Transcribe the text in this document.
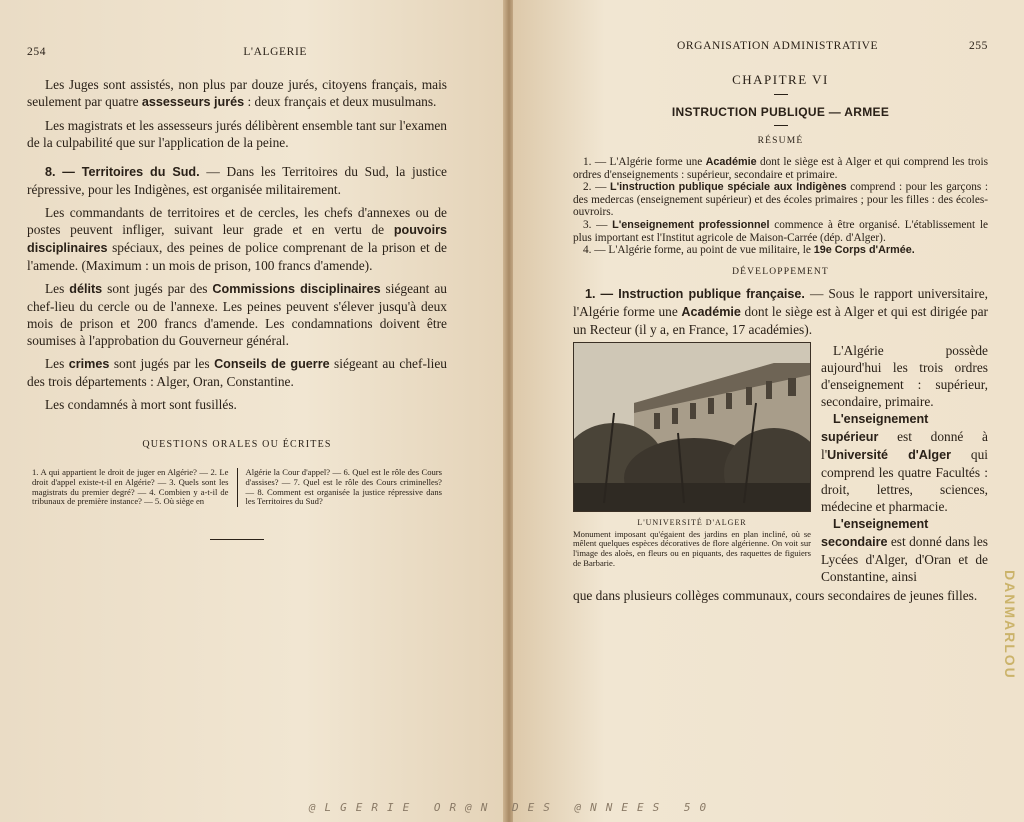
254	L'ALGERIE

Les Juges sont assistés, non plus par douze jurés, citoyens français, mais seulement par quatre assesseurs jurés : deux français et deux musulmans.

Les magistrats et les assesseurs jurés délibèrent ensemble tant sur l'examen de la culpabilité que sur l'application de la peine.

8. — Territoires du Sud. — Dans les Territoires du Sud, la justice répressive, pour les Indigènes, est organisée militairement.

Les commandants de territoires et de cercles, les chefs d'annexes ou de postes peuvent infliger, suivant leur grade et en vertu de pouvoirs disciplinaires spéciaux, des peines de police comprenant de la prison et de l'amende. (Maximum : un mois de prison, 100 francs d'amende).

Les délits sont jugés par des Commissions disciplinaires siégeant au chef-lieu du cercle ou de l'annexe. Les peines peuvent s'élever jusqu'à deux mois de prison et 200 francs d'amende. Les condamnations doivent être soumises à l'approbation du Gouverneur général.

Les crimes sont jugés par les Conseils de guerre siégeant au chef-lieu des trois départements : Alger, Oran, Constantine.

Les condamnés à mort sont fusillés.

QUESTIONS ORALES OU ÉCRITES
1. A qui appartient le droit de juger en Algérie? — 2. Le droit d'appel existe-t-il en Algérie? — 3. Quels sont les magistrats du premier degré? — 4. Combien y a-t-il de tribunaux de première instance? — 5. Où siège en
Algérie la Cour d'appel? — 6. Quel est le rôle des Cours d'assises? — 7. Quel est le rôle des Cours criminelles? — 8. Comment est organisée la justice répressive dans les Territoires du Sud?
ORGANISATION ADMINISTRATIVE	255
CHAPITRE VI
INSTRUCTION PUBLIQUE — ARMEE
RÉSUMÉ

1. — L'Algérie forme une Académie dont le siège est à Alger et qui comprend les trois ordres d'enseignements : supérieur, secondaire et primaire.

2. — L'instruction publique spéciale aux Indigènes comprend : pour les garçons : des medercas (enseignement supérieur) et des écoles primaires ; pour les filles : des écoles-ouvroirs.

3. — L'enseignement professionnel commence à être organisé. L'établissement le plus important est l'Institut agricole de Maison-Carrée (dép. d'Alger).

4. — L'Algérie forme, au point de vue militaire, le 19e Corps d'Armée.

DÉVELOPPEMENT

1. — Instruction publique française. — Sous le rapport universitaire, l'Algérie forme une Académie dont le siège est à Alger et qui est dirigée par un Recteur (il y a, en France, 17 académies).

L'UNIVERSITÉ D'ALGER
Monument imposant qu'égaient des jardins en plan incliné, où se mêlent quelques espèces décoratives de flore algérienne. On voit sur l'image des aloès, en fleurs ou en piquants, des raquettes de figuiers de Barbarie.

L'Algérie possède aujourd'hui les trois ordres d'enseignement : supérieur, secondaire, primaire.

L'enseignement supérieur est donné à l'Université d'Alger qui comprend les quatre Facultés : droit, lettres, sciences, médecine et pharmacie.

L'enseignement secondaire est donné dans les Lycées d'Alger, d'Oran et de Constantine, ainsi

que dans plusieurs collèges communaux, cours secondaires de jeunes filles.	DANMARLOU
@LGERIE OR@N DES @NNEES 50
